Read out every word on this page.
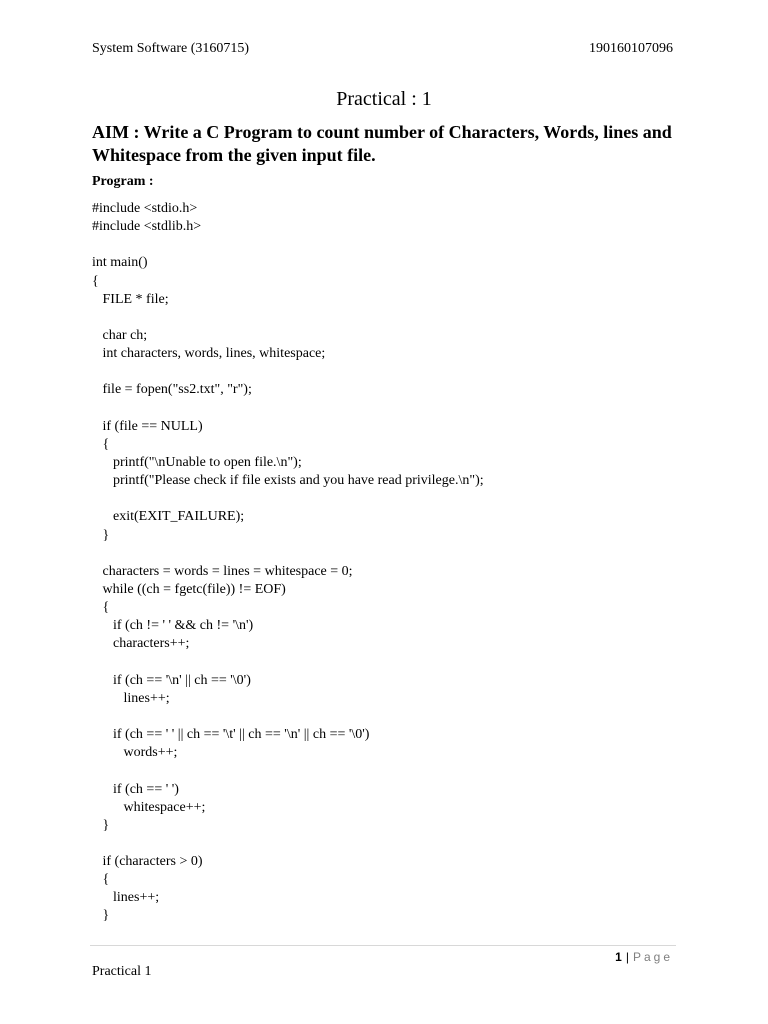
System Software (3160715)	190160107096
Practical : 1
AIM : Write a C Program to count number of Characters, Words, lines and Whitespace from the given input file.
Program :
#include <stdio.h>
#include <stdlib.h>
int main()
{
FILE * file;
char ch;
int characters, words, lines, whitespace;
file = fopen("ss2.txt", "r");
if (file == NULL)
{
printf("\nUnable to open file.\n");
printf("Please check if file exists and you have read privilege.\n");
exit(EXIT_FAILURE);
}
characters = words = lines = whitespace = 0;
while ((ch = fgetc(file)) != EOF)
{
if (ch != ' ' && ch != '\n')
characters++;
if (ch == '\n' || ch == '\0')
lines++;
if (ch == ' ' || ch == '\t' || ch == '\n' || ch == '\0')
words++;
if (ch == ' ')
whitespace++;
}
if (characters > 0)
{
lines++;
}
1 | Page
Practical 1
